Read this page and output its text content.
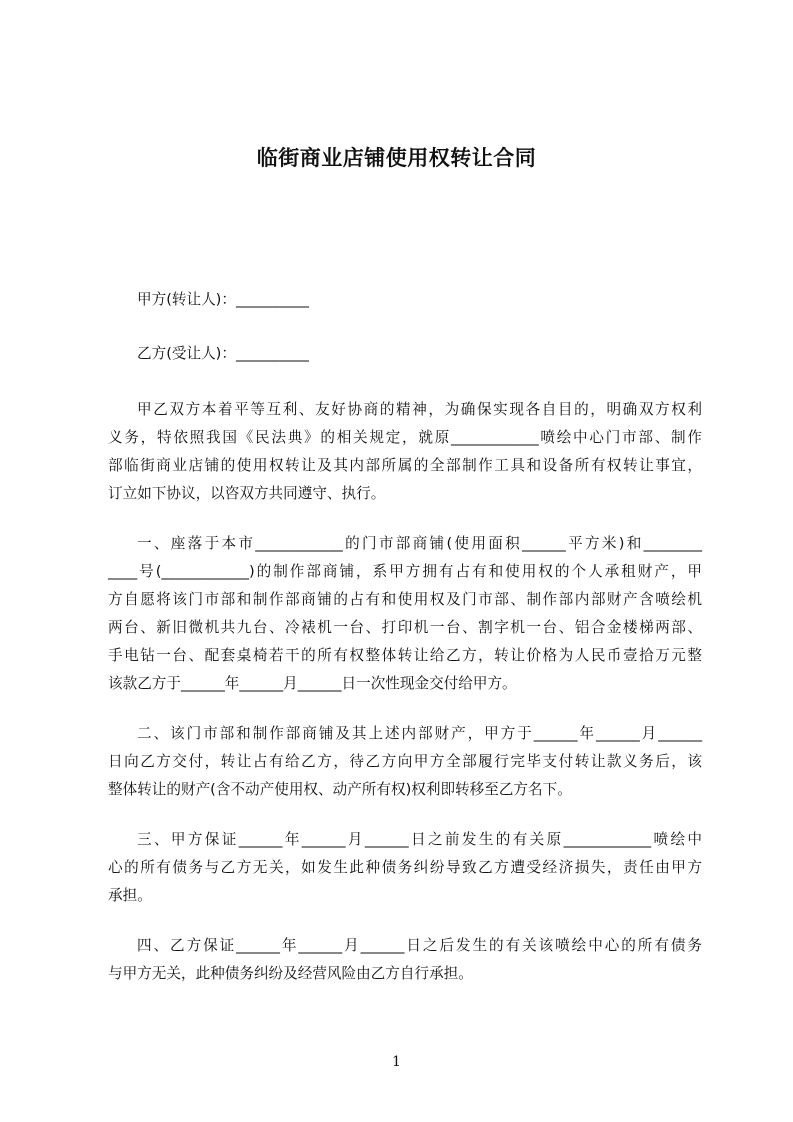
临街商业店铺使用权转让合同

甲方(转让人)：__________

乙方(受让人)：__________

甲乙双方本着平等互利、友好协商的精神，为确保实现各自目的，明确双方权利

义务，特依照我国《民法典》的相关规定，就原____________喷绘中心门市部、制作

部临街商业店铺的使用权转让及其内部所属的全部制作工具和设备所有权转让事宜，

订立如下协议，以咨双方共同遵守、执行。

一、座落于本市____________的门市部商铺(使用面积______平方米)和________

____号(____________)的制作部商铺，系甲方拥有占有和使用权的个人承租财产，甲

方自愿将该门市部和制作部商铺的占有和使用权及门市部、制作部内部财产含喷绘机

两台、新旧微机共九台、冷裱机一台、打印机一台、割字机一台、铝合金楼梯两部、

手电钻一台、配套桌椅若干的所有权整体转让给乙方，转让价格为人民币壹拾万元整

该款乙方于______年______月______日一次性现金交付给甲方。

二、该门市部和制作部商铺及其上述内部财产，甲方于______年______月______

日向乙方交付，转让占有给乙方，待乙方向甲方全部履行完毕支付转让款义务后，该

整体转让的财产(含不动产使用权、动产所有权)权利即转移至乙方名下。

三、甲方保证______年______月______日之前发生的有关原____________喷绘中

心的所有债务与乙方无关，如发生此种债务纠纷导致乙方遭受经济损失，责任由甲方

承担。

四、乙方保证______年______月______日之后发生的有关该喷绘中心的所有债务

与甲方无关，此种债务纠纷及经营风险由乙方自行承担。

1
